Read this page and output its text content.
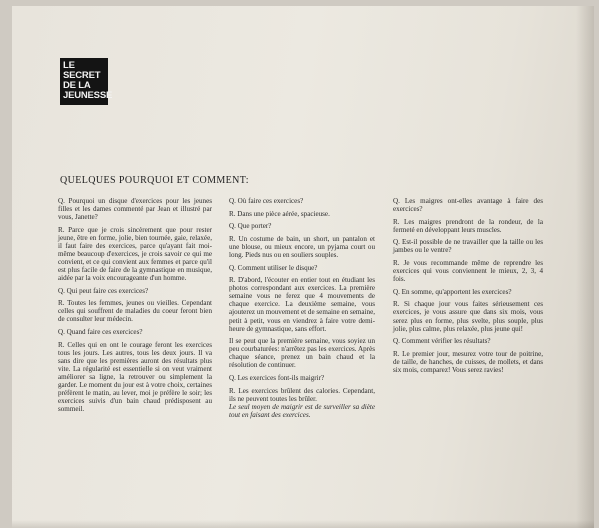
LE
SECRET
DE LA
JEUNESSE
QUELQUES POURQUOI ET COMMENT:

Q. Pourquoi un disque d'exercices pour les jeunes filles et les dames commenté par Jean et illustré par vous, Janette?

R. Parce que je crois sincèrement que pour rester jeune, être en forme, jolie, bien tournée, gaie, relaxée, il faut faire des exercices, parce qu'ayant fait moi-même beaucoup d'exercices, je crois savoir ce qui me convient, et ce qui convient aux femmes et parce qu'il est plus facile de faire de la gymnastique en musique, aidée par la voix encourageante d'un homme.

Q. Qui peut faire ces exercices?

R. Toutes les femmes, jeunes ou vieilles. Cependant celles qui souffrent de maladies du coeur feront bien de consulter leur médecin.

Q. Quand faire ces exercices?

R. Celles qui en ont le courage feront les exercices tous les jours. Les autres, tous les deux jours. Il va sans dire que les premières auront des résultats plus vite. La régularité est essentielle si on veut vraiment améliorer sa ligne, la retrouver ou simplement la garder. Le moment du jour est à votre choix, certaines préfèrent le matin, au lever, moi je préfère le soir; les exercices suivis d'un bain chaud prédisposent au sommeil.

Q. Où faire ces exercices?

R. Dans une pièce aérée, spacieuse.

Q. Que porter?

R. Un costume de bain, un short, un pantalon et une blouse, ou mieux encore, un pyjama court ou long. Pieds nus ou en souliers souples.

Q. Comment utiliser le disque?

R. D'abord, l'écouter en entier tout en étudiant les photos correspondant aux exercices. La première semaine vous ne ferez que 4 mouvements de chaque exercice. La deuxième semaine, vous ajouterez un mouvement et de semaine en semaine, petit à petit, vous en viendrez à faire votre demi-heure de gymnastique, sans effort.

Il se peut que la première semaine, vous soyiez un peu courbaturées: n'arrêtez pas les exercices. Après chaque séance, prenez un bain chaud et la résolution de continuer.

Q. Les exercices font-ils maigrir?

R. Les exercices brûlent des calories. Cependant, ils ne peuvent toutes les brûler.

Le seul moyen de maigrir est de surveiller sa diète tout en faisant des exercices.

Q. Les maigres ont-elles avantage à faire des exercices?

R. Les maigres prendront de la rondeur, de la fermeté en développant leurs muscles.

Q. Est-il possible de ne travailler que la taille ou les jambes ou le ventre?

R. Je vous recommande même de reprendre les exercices qui vous conviennent le mieux, 2, 3, 4 fois.

Q. En somme, qu'apportent les exercices?

R. Si chaque jour vous faites sérieusement ces exercices, je vous assure que dans six mois, vous serez plus en forme, plus svelte, plus souple, plus jolie, plus calme, plus relaxée, plus jeune qui!

Q. Comment vérifier les résultats?

R. Le premier jour, mesurez votre tour de poitrine, de taille, de hanches, de cuisses, de mollets, et dans six mois, comparez! Vous serez ravies!
